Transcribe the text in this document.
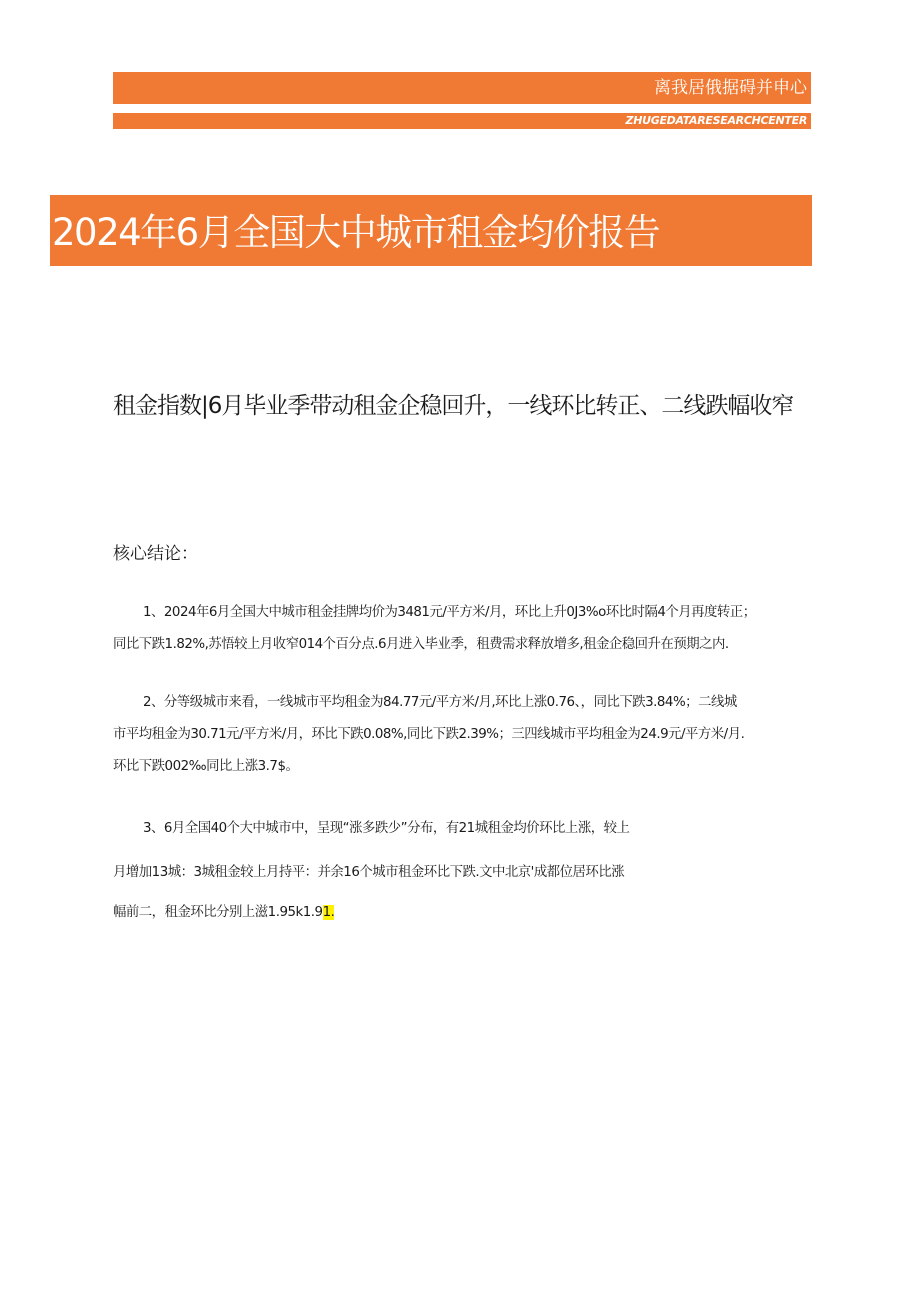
离我居俄据碍并申心
ZHUGEDATARESEARCHCENTER
2024年6月全国大中城市租金均价报告
租金指数|6月毕业季带动租金企稳回升，一线环比转正、二线跌幅收窄

核心结论：

1、2024年6月全国大中城市租金挂牌均价为3481元/平方米/月，环比上升0J3%o环比时隔4个月再度转正；
同比下跌1.82%,苏悟较上月收窄014个百分点.6月进入毕业季，租费需求释放增多,租金企稳回升在预期之内.
2、分等级城市来看，一线城市平均租金为84.77元/平方米/月,环比上涨0.76、，同比下跌3.84%；二线城
市平均租金为30.71元/平方米/月，环比下跌0.08%,同比下跌2.39%；三四线城市平均租金为24.9元/平方米/月.
环比下跌002‰同比上涨3.7$。
3、6月全国40个大中城市中，呈现“涨多跌少”分布，有21城租金均价环比上涨，较上
月增加13城：3城租金较上月持平：并余16个城市租金环比下跌.文中北京'成都位居环比涨
幅前二，租金环比分别上滋1.95k1.91.
